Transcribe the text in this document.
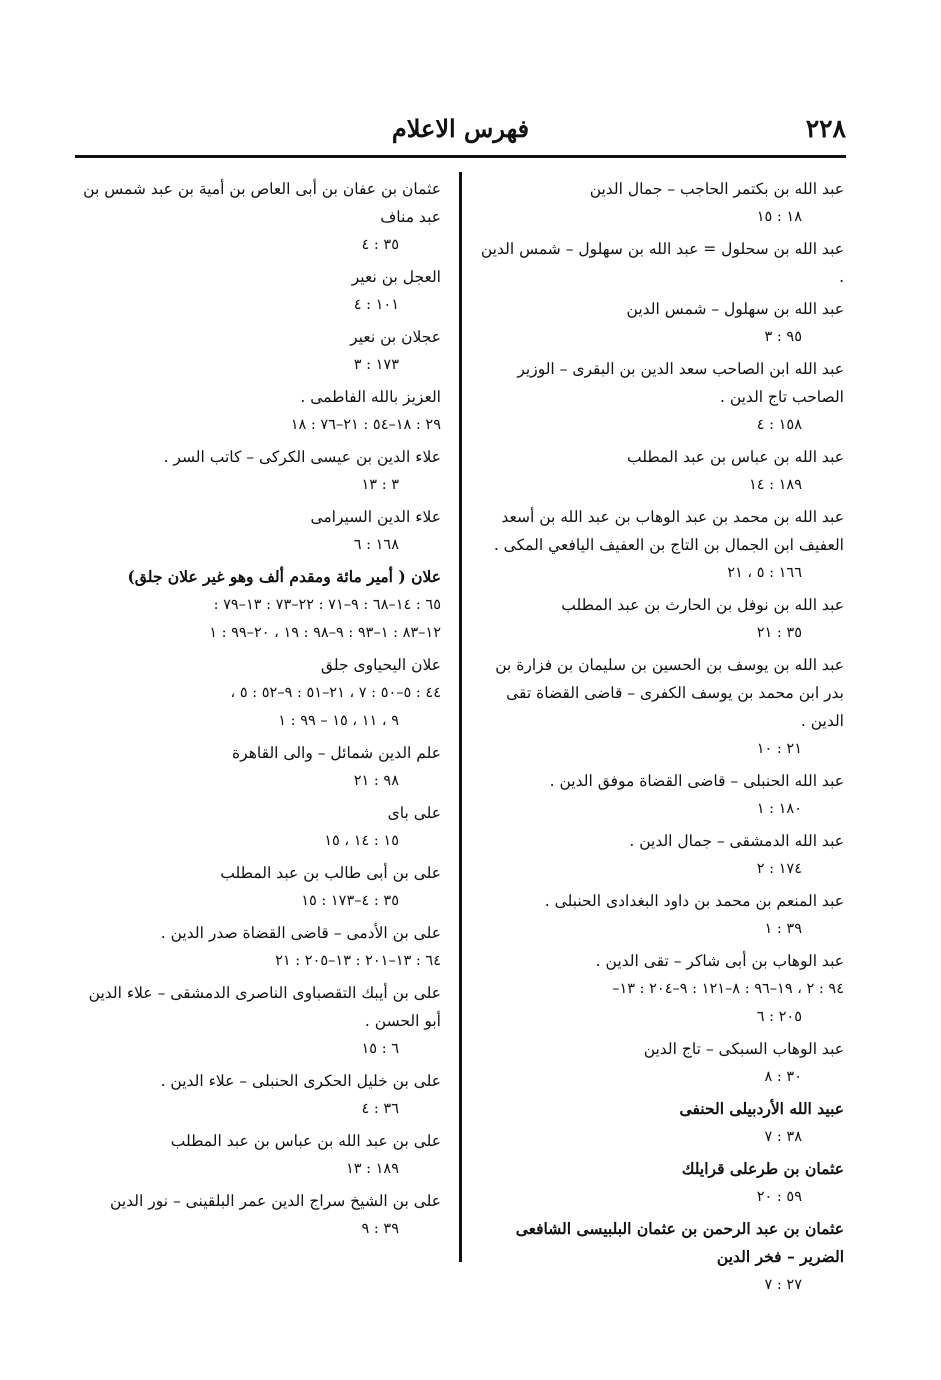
٢٢٨
فهرس الاعلام
عبد الله بن بكتمر الحاجب – جمال الدين
١٨ : ١٥
عبد الله بن سحلول = عبد الله بن سهلول – شمس الدين .
عبد الله بن سهلول – شمس الدين
٩٥ : ٣
عبد الله ابن الصاحب سعد الدين بن البقرى – الوزير الصاحب تاج الدين .
١٥٨ : ٤
عبد الله بن عباس بن عبد المطلب
١٨٩ : ١٤
عبد الله بن محمد بن عبد الوهاب بن عبد الله بن أسعد العفيف ابن الجمال بن التاج بن العفيف اليافعي المكى .
١٦٦ : ٥ ، ٢١
عبد الله بن نوفل بن الحارث بن عبد المطلب
٣٥ : ٢١
عبد الله بن يوسف بن الحسين بن سليمان بن فزارة بن بدر ابن محمد بن يوسف الكفرى – قاضى القضاة تقى الدين .
٢١ : ١٠
عبد الله الحنبلى – قاضى القضاة موفق الدين .
١٨٠ : ١
عبد الله الدمشقى – جمال الدين .
١٧٤ : ٢
عبد المنعم بن محمد بن داود البغدادى الحنبلى .
٣٩ : ١
عبد الوهاب بن أبى شاكر – تقى الدين .
٩٤ : ٢ ، ١٩–٩٦ : ٨–١٢١ : ٩–٢٠٤ : ١٣–
٢٠٥ : ٦
عبد الوهاب السبكى – تاج الدين
٣٠ : ٨
عبيد الله الأردبيلى الحنفى
٣٨ : ٧
عثمان بن طرعلى قرايلك
٥٩ : ٢٠
عثمان بن عبد الرحمن بن عثمان البلبيسى الشافعى الضرير – فخر الدين
٢٧ : ٧
عثمان بن عفان بن أبى العاص بن أمية بن عبد شمس بن عبد مناف
٣٥ : ٤
العجل بن نعير
١٠١ : ٤
عجلان بن نعير
١٧٣ : ٣
العزيز بالله الفاطمى .
٢٩ : ١٨–٥٤ : ٢١–٧٦ : ١٨
علاء الدين بن عيسى الكركى – كاتب السر .
٣ : ١٣
علاء الدين السيرامى
١٦٨ : ٦
علان ( أمير مائة ومقدم ألف وهو غير علان جلق)
٦٥ : ١٤–٦٨ : ٩–٧١ : ٢٢–٧٣ : ١٣–٧٩ :
١٢–٨٣ : ١–٩٣ : ٩–٩٨ : ١٩ ، ٢٠–٩٩ : ١
علان اليحياوى جلق
٤٤ : ٥–٥٠ : ٧ ، ٢١–٥١ : ٩–٥٢ : ٥ ،
٩ ، ١١ ، ١٥ – ٩٩ : ١
علم الدين شمائل – والى القاهرة
٩٨ : ٢١
على باى
١٥ : ١٤ ، ١٥
على بن أبى طالب بن عبد المطلب
٣٥ : ٤–١٧٣ : ١٥
على بن الأدمى – قاضى القضاة صدر الدين .
٦٤ : ١٣–٢٠١ : ١٣–٢٠٥ : ٢١
على بن أيبك التقصباوى الناصرى الدمشقى – علاء الدين أبو الحسن .
٦ : ١٥
على بن خليل الحكرى الحنبلى – علاء الدين .
٣٦ : ٤
على بن عبد الله بن عباس بن عبد المطلب
١٨٩ : ١٣
على بن الشيخ سراج الدين عمر البلقينى – نور الدين
٣٩ : ٩
